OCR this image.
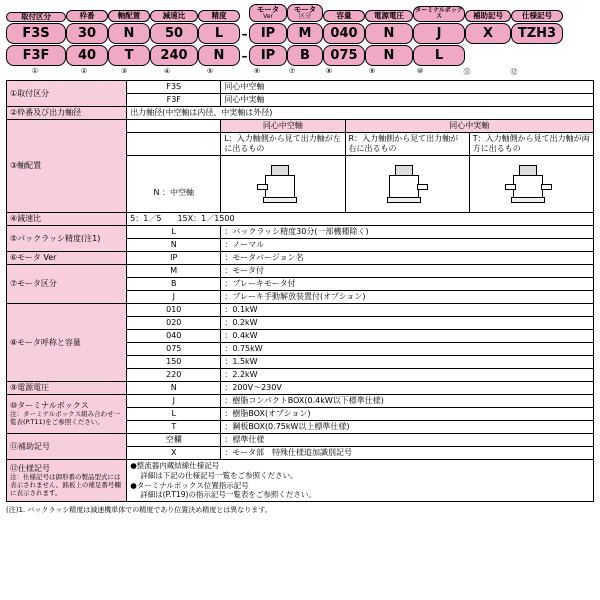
取付区分	枠番	軸配置	減速比	精度
モータ
Ver
モータ
区分	容量	電源電圧
ターミナルボックス	補助記号	仕様記号
F3S	30	N	50	L	–	IP	M	040	N	J	X	TZH3
F3F	40	T	240	N	–	IP	B	075	N	L
①	②	③	④	⑤	⑥	⑦	⑧	⑨	⑩	⑪	⑫
①取付区分	F3S	同心中空軸		
	F3F	同心中実軸		
②枠番及び出力軸径	出力軸径(中空軸は内径、中実軸は外径)			
③軸配置		同心中空軸	同心中実軸	
		L：入力軸側から見て出力軸が左に出るもの	R：入力軸側から見て出力軸が右に出るもの	T：入力軸側から見て出力軸が両方に出るもの

	N ：中空軸			

④減速比	5：1／5　　15X：1／1500			
⑤バックラッシ精度(注1)	L	：バックラッシ精度30分(一部機種除く)		
	N	：ノーマル		
⑥モータ Ver	IP	：モータバージョン名		
⑦モータ区分	M	：モータ付		
	B	：ブレーキモータ付		
	J	：ブレーキ手動解放装置付(オプション)		
⑧モータ呼称と容量	010	：0.1kW		
	020	：0.2kW		
	040	：0.4kW		
	075	：0.75kW		
	150	：1.5kW		
	220	：2.2kW		
⑨電源電圧	N	：200V～230V		

⑩ターミナルボックス
注：ターミナルボックス組み合わせ一覧表(P.T11)をご参照ください。	J	：樹脂コンパクトBOX(0.4kW以下標準仕様)		
	L	：樹脂BOX(オプション)		
	T	：鋼板BOX(0.75kW以上標準仕様)		
⑪補助記号	空欄	：標準仕様		
	X	：モータ部　特殊仕様追加識別記号		

⑫仕様記号
注：仕様記号は御形番の製品型式には表示されません。銘板上の補足番号欄に表示されます。

●整流器内蔵結線仕様記号
詳細は下記の仕様記号一覧をご参照ください。
●ターミナルボックス位置指示記号
詳細は(P.T19)の指示記号一覧表をご参照ください。
(注)1. バックラッシ精度は減速機単体での精度であり位置決め精度とは異なります。
